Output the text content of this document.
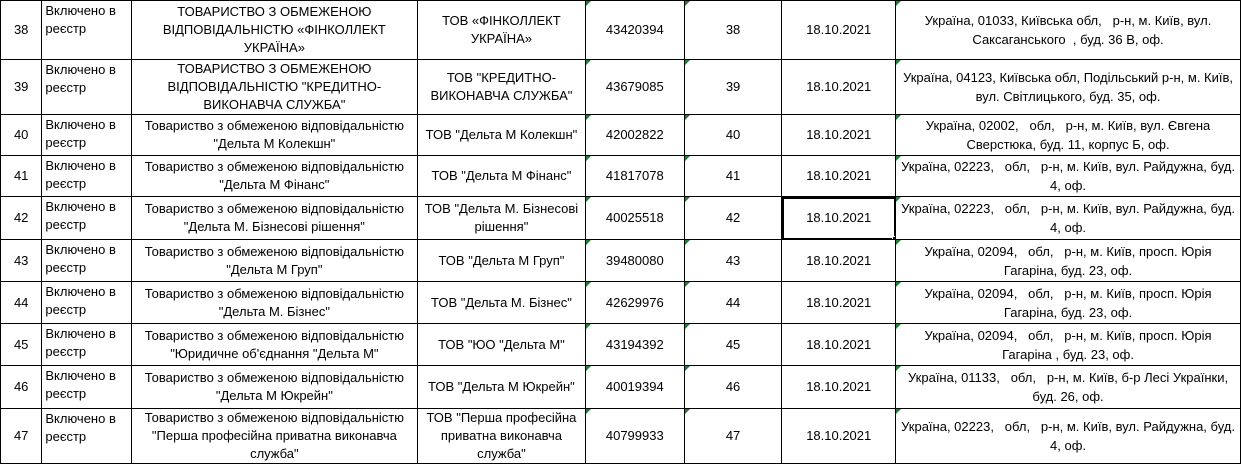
38	Включено в
реєстр	ТОВАРИСТВО З ОБМЕЖЕНОЮ
ВІДПОВІДАЛЬНІСТЮ «ФІНКОЛЛЕКТ
УКРАЇНА»	ТОВ «ФІНКОЛЛЕКТ
УКРАЇНА»	43420394	38	18.10.2021	Україна, 01033, Київська обл,   р-н, м. Київ, вул.
Саксаганського  , буд. 36 В, оф.

39	Включено в
реєстр	ТОВАРИСТВО З ОБМЕЖЕНОЮ
ВІДПОВІДАЛЬНІСТЮ "КРЕДИТНО-
ВИКОНАВЧА СЛУЖБА"	ТОВ "КРЕДИТНО-
ВИКОНАВЧА СЛУЖБА"	43679085	39	18.10.2021	Україна, 04123, Київська обл, Подільський р-н, м. Київ,
вул. Світлицького, буд. 35, оф.

40	Включено в
реєстр	Товариство з обмеженою відповідальністю
"Дельта М Колекшн"	ТОВ "Дельта М Колекшн"	42002822	40	18.10.2021	Україна, 02002,   обл,   р-н, м. Київ, вул. Євгена
Сверстюка, буд. 11, корпус Б, оф.

41	Включено в
реєстр	Товариство з обмеженою відповідальністю
"Дельта М Фінанс"	ТОВ "Дельта М Фінанс"	41817078	41	18.10.2021	Україна, 02223,   обл,   р-н, м. Київ, вул. Райдужна, буд.
4, оф.

42	Включено в
реєстр	Товариство з обмеженою відповідальністю
"Дельта М. Бізнесові рішення"	ТОВ "Дельта М. Бізнесові
рішення"	40025518	42	18.10.2021	Україна, 02223,   обл,   р-н, м. Київ, вул. Райдужна, буд.
4, оф.

43	Включено в
реєстр	Товариство з обмеженою відповідальністю
"Дельта М Груп"	ТОВ "Дельта М Груп"	39480080	43	18.10.2021	Україна, 02094,   обл,   р-н, м. Київ, просп. Юрія
Гагаріна, буд. 23, оф.

44	Включено в
реєстр	Товариство з обмеженою відповідальністю
"Дельта М. Бізнес"	ТОВ "Дельта М. Бізнес"	42629976	44	18.10.2021	Україна, 02094,   обл,   р-н, м. Київ, просп. Юрія
Гагаріна, буд. 23, оф.

45	Включено в
реєстр	Товариство з обмеженою відповідальністю
"Юридичне об'єднання "Дельта М"	ТОВ "ЮО "Дельта М"	43194392	45	18.10.2021	Україна, 02094,   обл,   р-н, м. Київ, просп. Юрія
Гагаріна , буд. 23, оф.

46	Включено в
реєстр	Товариство з обмеженою відповідальністю
"Дельта М Юкрейн"	ТОВ "Дельта М Юкрейн"	40019394	46	18.10.2021	Україна, 01133,   обл,   р-н, м. Київ, б-р Лесі Українки,
буд. 26, оф.

47	Включено в
реєстр	Товариство з обмеженою відповідальністю
"Перша професійна приватна виконавча
служба"	ТОВ "Перша професійна
приватна виконавча
служба"	40799933	47	18.10.2021	Україна, 02223,   обл,   р-н, м. Київ, вул. Райдужна, буд.
4, оф.
